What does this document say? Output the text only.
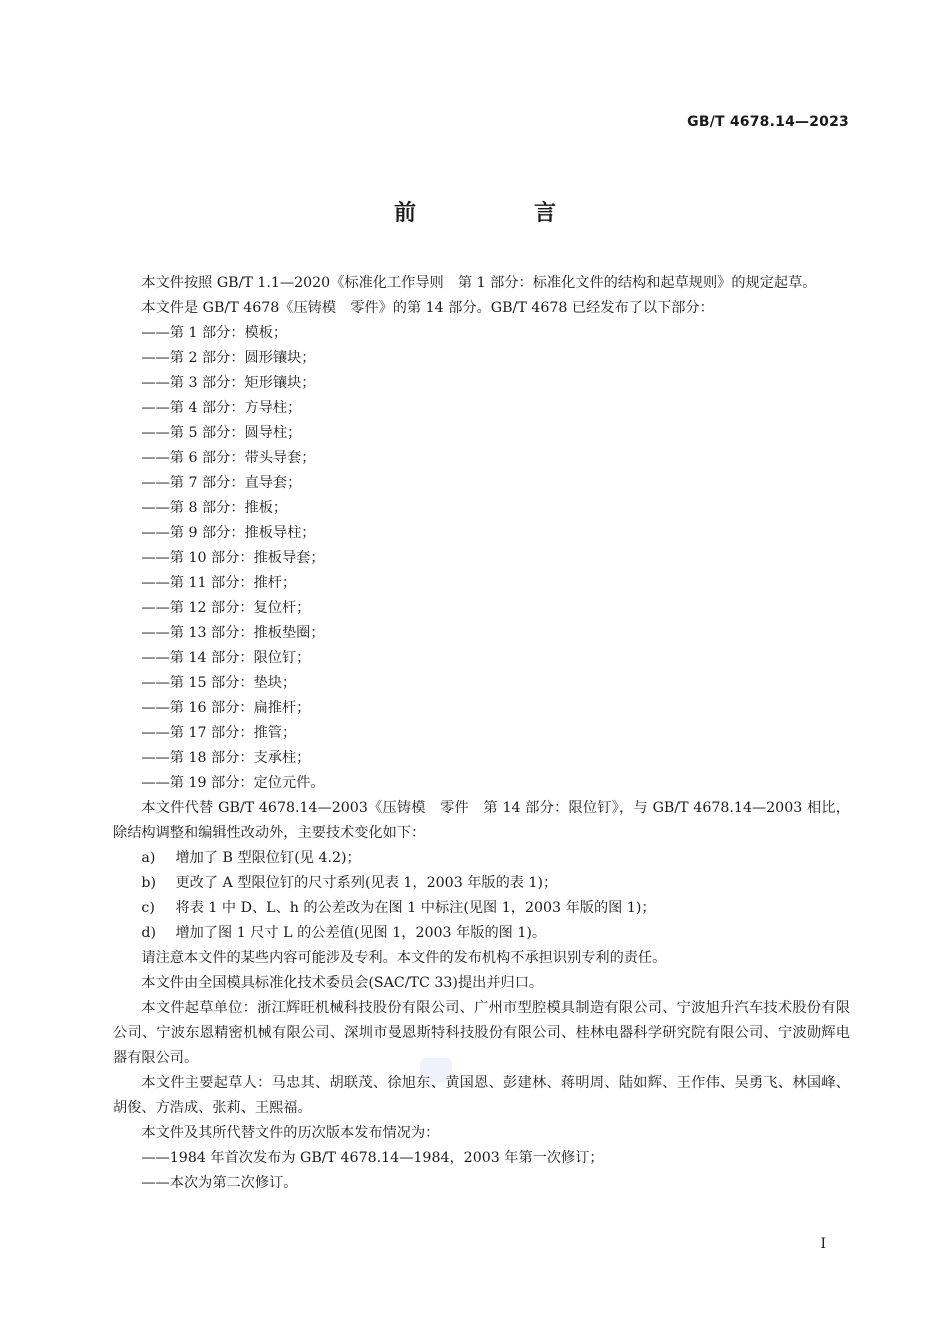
GB/T 4678.14—2023
前　言

本文件按照 GB/T 1.1—2020《标准化工作导则　第 1 部分：标准化文件的结构和起草规则》的规定起草。

本文件是 GB/T 4678《压铸模　零件》的第 14 部分。GB/T 4678 已经发布了以下部分：

——第 1 部分：模板；

——第 2 部分：圆形镶块；

——第 3 部分：矩形镶块；

——第 4 部分：方导柱；

——第 5 部分：圆导柱；

——第 6 部分：带头导套；

——第 7 部分：直导套；

——第 8 部分：推板；

——第 9 部分：推板导柱；

——第 10 部分：推板导套；

——第 11 部分：推杆；

——第 12 部分：复位杆；

——第 13 部分：推板垫圈；

——第 14 部分：限位钉；

——第 15 部分：垫块；

——第 16 部分：扁推杆；

——第 17 部分：推管；

——第 18 部分：支承柱；

——第 19 部分：定位元件。

本文件代替 GB/T 4678.14—2003《压铸模　零件　第 14 部分：限位钉》，与 GB/T 4678.14—2003 相比，除结构调整和编辑性改动外，主要技术变化如下：

a) 增加了 B 型限位钉(见 4.2)；

b) 更改了 A 型限位钉的尺寸系列(见表 1，2003 年版的表 1)；

c) 将表 1 中 D、L、h 的公差改为在图 1 中标注(见图 1，2003 年版的图 1)；

d) 增加了图 1 尺寸 L 的公差值(见图 1，2003 年版的图 1)。

请注意本文件的某些内容可能涉及专利。本文件的发布机构不承担识别专利的责任。

本文件由全国模具标准化技术委员会(SAC/TC 33)提出并归口。

本文件起草单位：浙江辉旺机械科技股份有限公司、广州市型腔模具制造有限公司、宁波旭升汽车技术股份有限公司、宁波东恩精密机械有限公司、深圳市曼恩斯特科技股份有限公司、桂林电器科学研究院有限公司、宁波勋辉电器有限公司。

本文件主要起草人：马忠其、胡联茂、徐旭东、黄国恩、彭建林、蒋明周、陆如辉、王作伟、吴勇飞、林国峰、胡俊、方浩成、张莉、王熙福。

本文件及其所代替文件的历次版本发布情况为：

——1984 年首次发布为 GB/T 4678.14—1984，2003 年第一次修订；

——本次为第二次修订。

I
